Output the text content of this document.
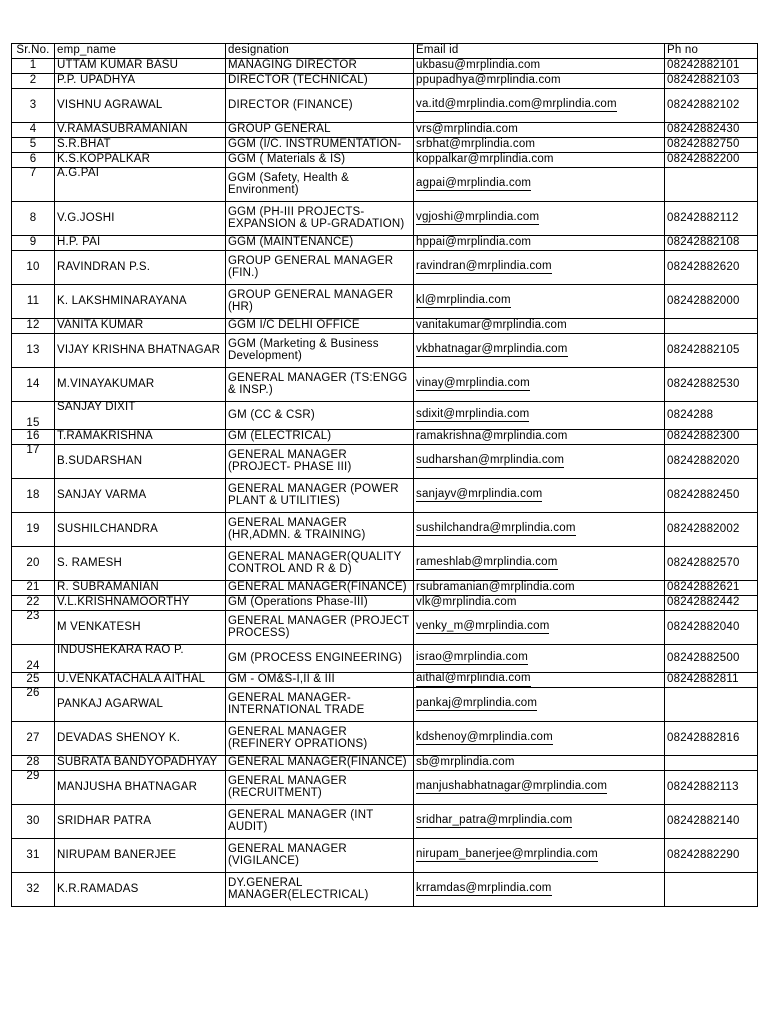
Sr.No.	emp_name	designation	Email id	Ph no
1	UTTAM KUMAR BASU	MANAGING DIRECTOR	ukbasu@mrplindia.com	08242882101
2	P.P. UPADHYA	DIRECTOR (TECHNICAL)	ppupadhya@mrplindia.com	08242882103
3	VISHNU AGRAWAL	DIRECTOR (FINANCE)	va.itd@mrplindia.com@mrplindia.com	08242882102
4	V.RAMASUBRAMANIAN	GROUP GENERAL	vrs@mrplindia.com	08242882430
5	S.R.BHAT	GGM (I/C. INSTRUMENTATION-	srbhat@mrplindia.com	08242882750
6	K.S.KOPPALKAR	GGM ( Materials & IS)	koppalkar@mrplindia.com	08242882200
7	A.G.PAI	GGM (Safety, Health & Environment)	agpai@mrplindia.com	
8	V.G.JOSHI	GGM (PH-III PROJECTS- EXPANSION & UP-GRADATION)	vgjoshi@mrplindia.com	08242882112
9	H.P. PAI	GGM (MAINTENANCE)	hppai@mrplindia.com	08242882108
10	RAVINDRAN P.S.	GROUP GENERAL MANAGER (FIN.)	ravindran@mrplindia.com	08242882620
11	K. LAKSHMINARAYANA	GROUP GENERAL MANAGER (HR)	kl@mrplindia.com	08242882000
12	VANITA KUMAR	GGM I/C DELHI OFFICE	vanitakumar@mrplindia.com	
13	VIJAY KRISHNA BHATNAGAR	GGM (Marketing & Business Development)	vkbhatnagar@mrplindia.com	08242882105
14	M.VINAYAKUMAR	GENERAL MANAGER (TS:ENGG & INSP.)	vinay@mrplindia.com	08242882530
15	SANJAY DIXIT	GM (CC & CSR)	sdixit@mrplindia.com	0824288
16	T.RAMAKRISHNA	GM (ELECTRICAL)	ramakrishna@mrplindia.com	08242882300
17	B.SUDARSHAN	GENERAL MANAGER (PROJECT- PHASE III)	sudharshan@mrplindia.com	08242882020
18	SANJAY VARMA	GENERAL MANAGER (POWER PLANT & UTILITIES)	sanjayv@mrplindia.com	08242882450
19	SUSHILCHANDRA	GENERAL MANAGER (HR,ADMN. & TRAINING)	sushilchandra@mrplindia.com	08242882002
20	S. RAMESH	GENERAL MANAGER(QUALITY CONTROL AND R & D)	rameshlab@mrplindia.com	08242882570
21	R. SUBRAMANIAN	GENERAL MANAGER(FINANCE)	rsubramanian@mrplindia.com	08242882621
22	V.L.KRISHNAMOORTHY	GM (Operations Phase-III)	vlk@mrplindia.com	08242882442
23	M VENKATESH	GENERAL MANAGER (PROJECT PROCESS)	venky_m@mrplindia.com	08242882040
24	INDUSHEKARA RAO P.	GM (PROCESS ENGINEERING)	israo@mrplindia.com	08242882500
25	U.VENKATACHALA AITHAL	GM - OM&S-I,II & III	aithal@mrplindia.com	08242882811
26	PANKAJ AGARWAL	GENERAL MANAGER- INTERNATIONAL TRADE	pankaj@mrplindia.com	
27	DEVADAS SHENOY K.	GENERAL MANAGER (REFINERY OPRATIONS)	kdshenoy@mrplindia.com	08242882816
28	SUBRATA BANDYOPADHYAY	GENERAL MANAGER(FINANCE)	sb@mrplindia.com	
29	MANJUSHA BHATNAGAR	GENERAL MANAGER (RECRUITMENT)	manjushabhatnagar@mrplindia.com	08242882113
30	SRIDHAR PATRA	GENERAL MANAGER (INT AUDIT)	sridhar_patra@mrplindia.com	08242882140
31	NIRUPAM BANERJEE	GENERAL MANAGER (VIGILANCE)	nirupam_banerjee@mrplindia.com	08242882290
32	K.R.RAMADAS	DY.GENERAL MANAGER(ELECTRICAL)	krramdas@mrplindia.com	
